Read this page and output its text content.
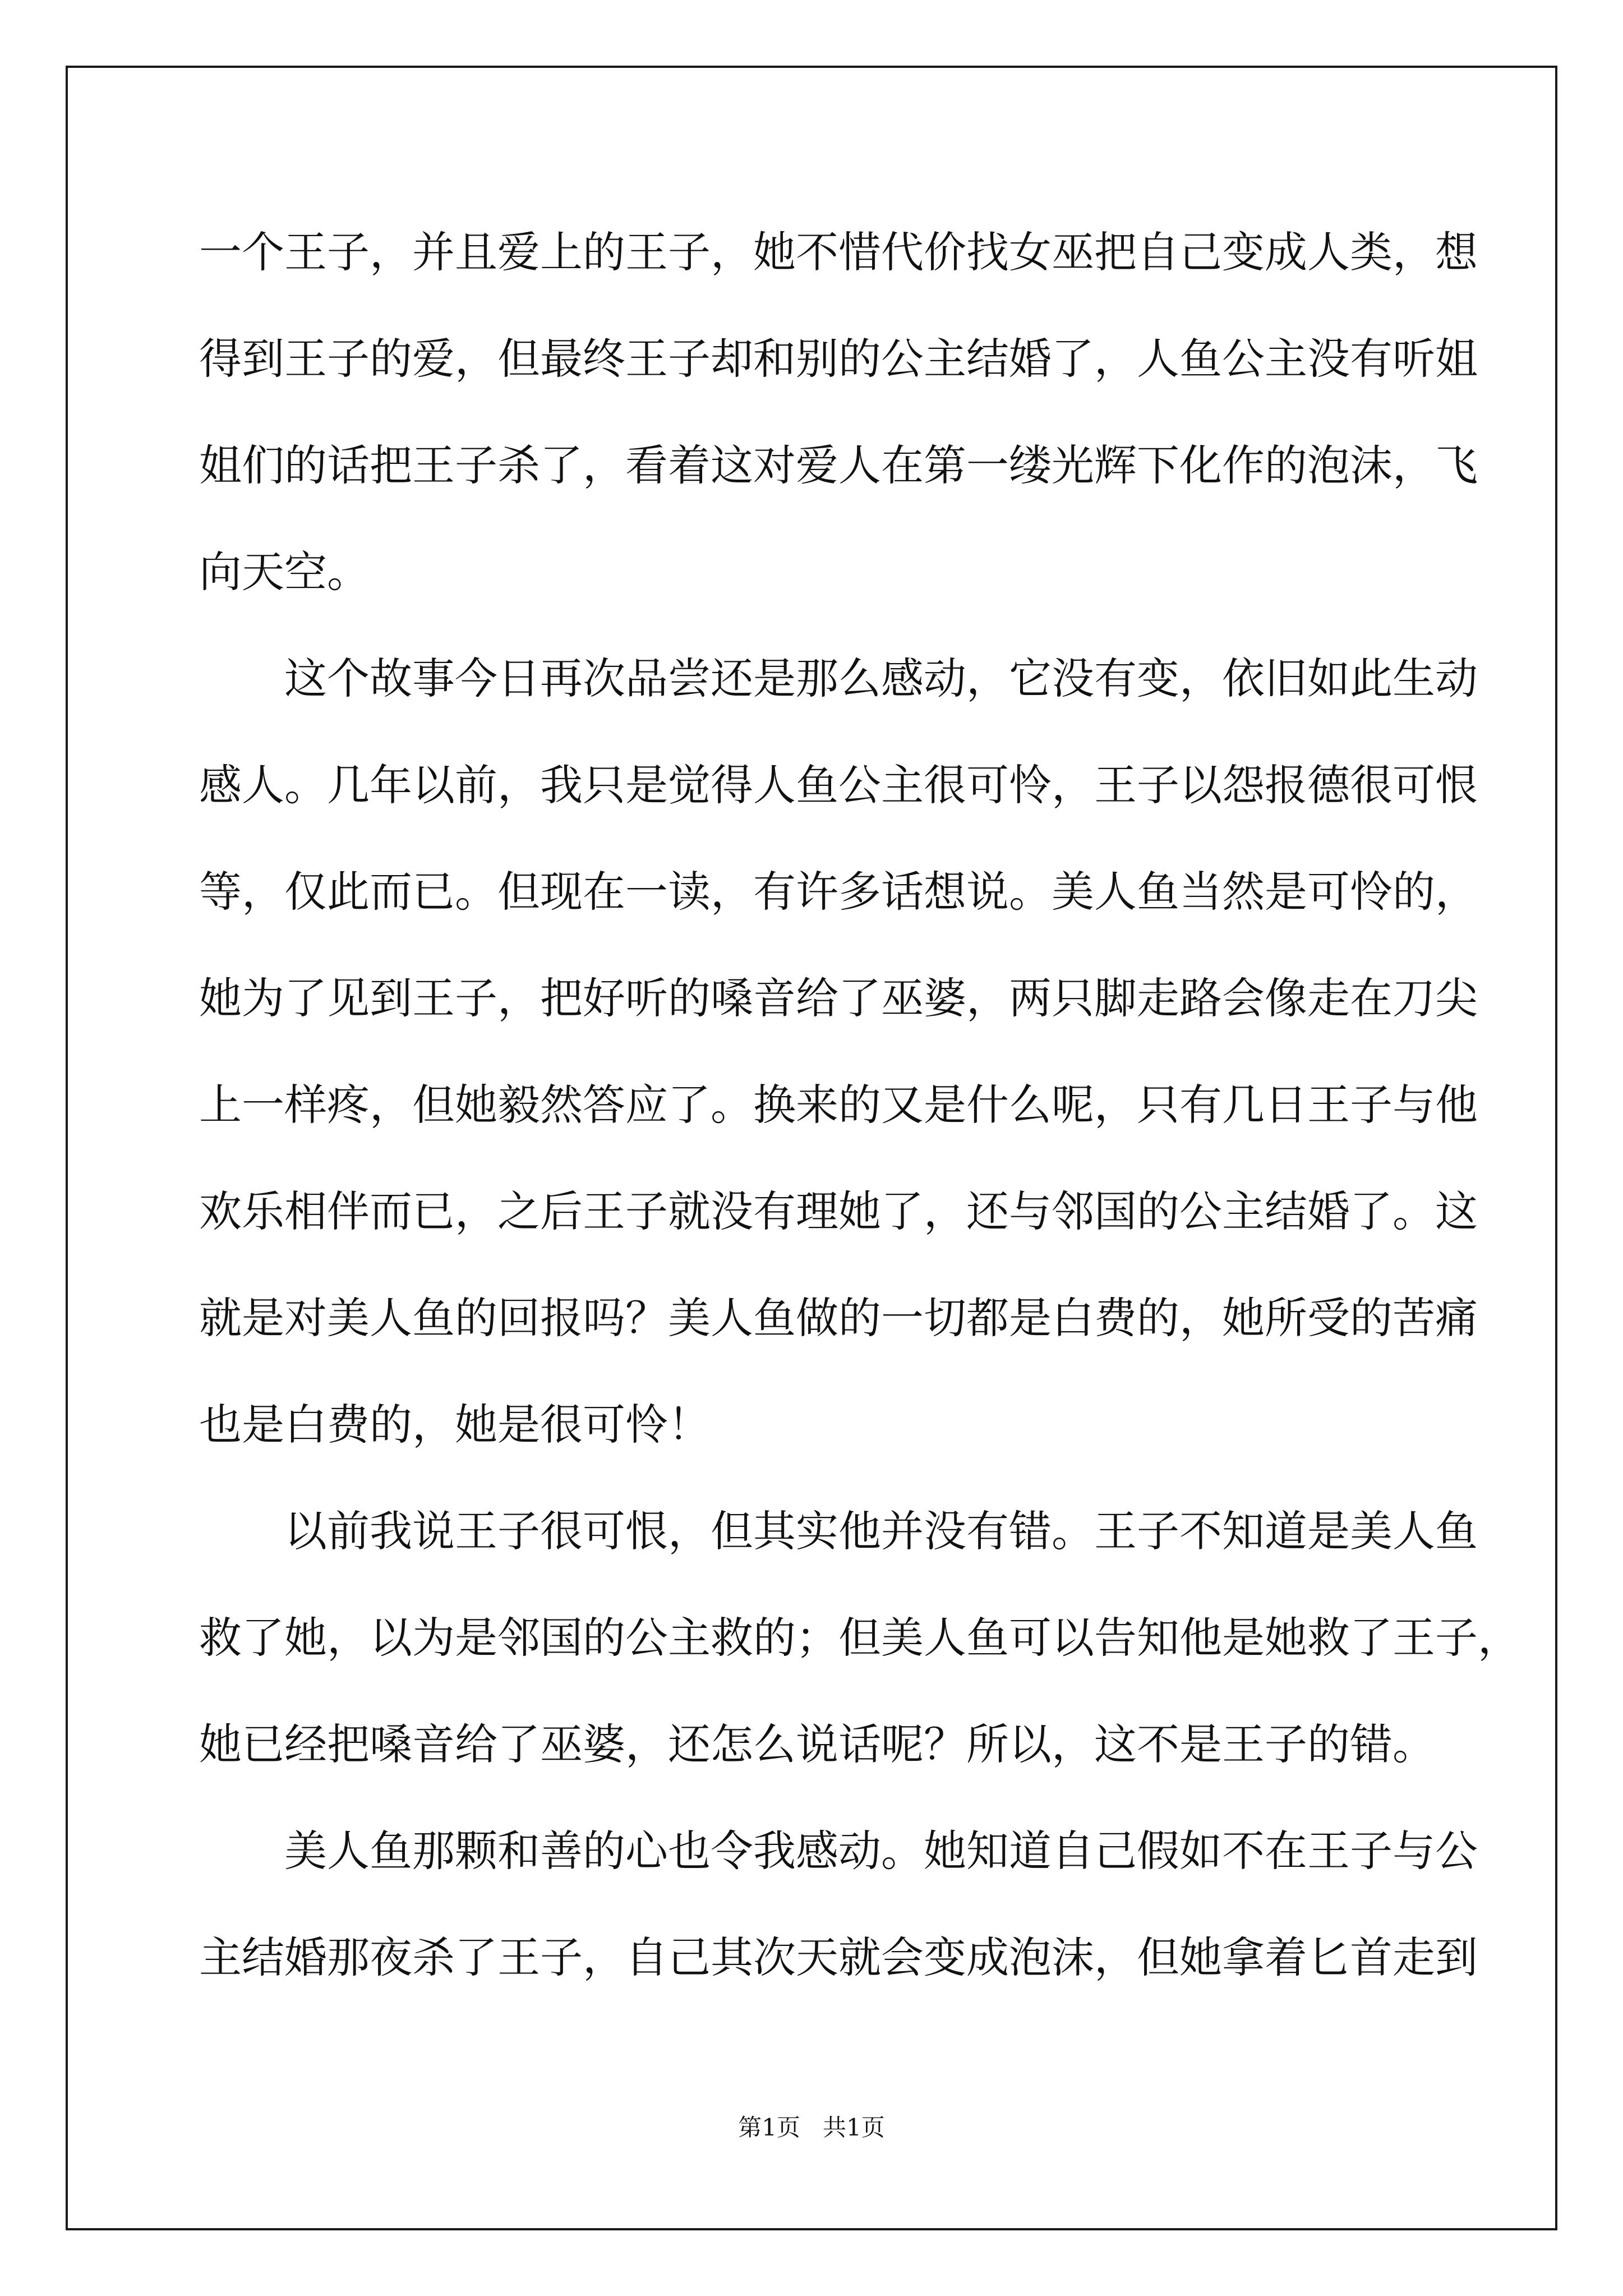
一个王子，并且爱上的王子，她不惜代价找女巫把自己变成人类，想
得到王子的爱，但最终王子却和别的公主结婚了，人鱼公主没有听姐
姐们的话把王子杀了，看着这对爱人在第一缕光辉下化作的泡沫，飞
向天空。
这个故事今日再次品尝还是那么感动，它没有变，依旧如此生动
感人。几年以前，我只是觉得人鱼公主很可怜，王子以怨报德很可恨
等，仅此而已。但现在一读，有许多话想说。美人鱼当然是可怜的，
她为了见到王子，把好听的嗓音给了巫婆，两只脚走路会像走在刀尖
上一样疼，但她毅然答应了。换来的又是什么呢，只有几日王子与他
欢乐相伴而已，之后王子就没有理她了，还与邻国的公主结婚了。这
就是对美人鱼的回报吗？美人鱼做的一切都是白费的，她所受的苦痛
也是白费的，她是很可怜！
以前我说王子很可恨，但其实他并没有错。王子不知道是美人鱼
救了她，以为是邻国的公主救的；但美人鱼可以告知他是她救了王子，
她已经把嗓音给了巫婆，还怎么说话呢？所以，这不是王子的错。
美人鱼那颗和善的心也令我感动。她知道自己假如不在王子与公
主结婚那夜杀了王子，自己其次天就会变成泡沫，但她拿着匕首走到
第1页   共1页
